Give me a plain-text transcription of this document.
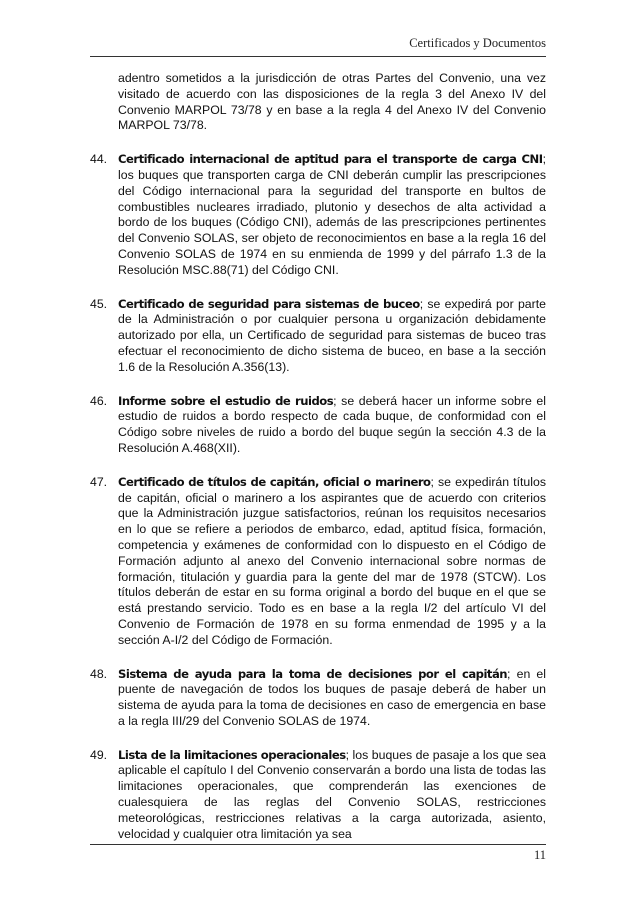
Certificados y Documentos

adentro sometidos a la jurisdicción de otras Partes del Convenio, una vez visitado de acuerdo con las disposiciones de la regla 3 del Anexo IV del Convenio MARPOL 73/78 y en base a la regla 4 del Anexo IV del Convenio MARPOL 73/78.

44. Certificado internacional de aptitud para el transporte de carga CNI; los buques que transporten carga de CNI deberán cumplir las prescripciones del Código internacional para la seguridad del transporte en bultos de combustibles nucleares irradiado, plutonio y desechos de alta actividad a bordo de los buques (Código CNI), además de las prescripciones pertinentes del Convenio SOLAS, ser objeto de reconocimientos en base a la regla 16 del Convenio SOLAS de 1974 en su enmienda de 1999 y del párrafo 1.3 de la Resolución MSC.88(71) del Código CNI.
45. Certificado de seguridad para sistemas de buceo; se expedirá por parte de la Administración o por cualquier persona u organización debidamente autorizado por ella, un Certificado de seguridad para sistemas de buceo tras efectuar el reconocimiento de dicho sistema de buceo, en base a la sección 1.6 de la Resolución A.356(13).
46. Informe sobre el estudio de ruidos; se deberá hacer un informe sobre el estudio de ruidos a bordo respecto de cada buque, de conformidad con el Código sobre niveles de ruido a bordo del buque según la sección 4.3 de la Resolución A.468(XII).
47. Certificado de títulos de capitán, oficial o marinero; se expedirán títulos de capitán, oficial o marinero a los aspirantes que de acuerdo con criterios que la Administración juzgue satisfactorios, reúnan los requisitos necesarios en lo que se refiere a periodos de embarco, edad, aptitud física, formación, competencia y exámenes de conformidad con lo dispuesto en el Código de Formación adjunto al anexo del Convenio internacional sobre normas de formación, titulación y guardia para la gente del mar de 1978 (STCW). Los títulos deberán de estar en su forma original a bordo del buque en el que se está prestando servicio. Todo es en base a la regla I/2 del artículo VI del Convenio de Formación de 1978 en su forma enmendad de 1995 y a la sección A-I/2 del Código de Formación.
48. Sistema de ayuda para la toma de decisiones por el capitán; en el puente de navegación de todos los buques de pasaje deberá de haber un sistema de ayuda para la toma de decisiones en caso de emergencia en base a la regla III/29 del Convenio SOLAS de 1974.
49. Lista de la limitaciones operacionales; los buques de pasaje a los que sea aplicable el capítulo I del Convenio conservarán a bordo una lista de todas las limitaciones operacionales, que comprenderán las exenciones de cualesquiera de las reglas del Convenio SOLAS, restricciones meteorológicas, restricciones relativas a la carga autorizada, asiento, velocidad y cualquier otra limitación ya sea
11
